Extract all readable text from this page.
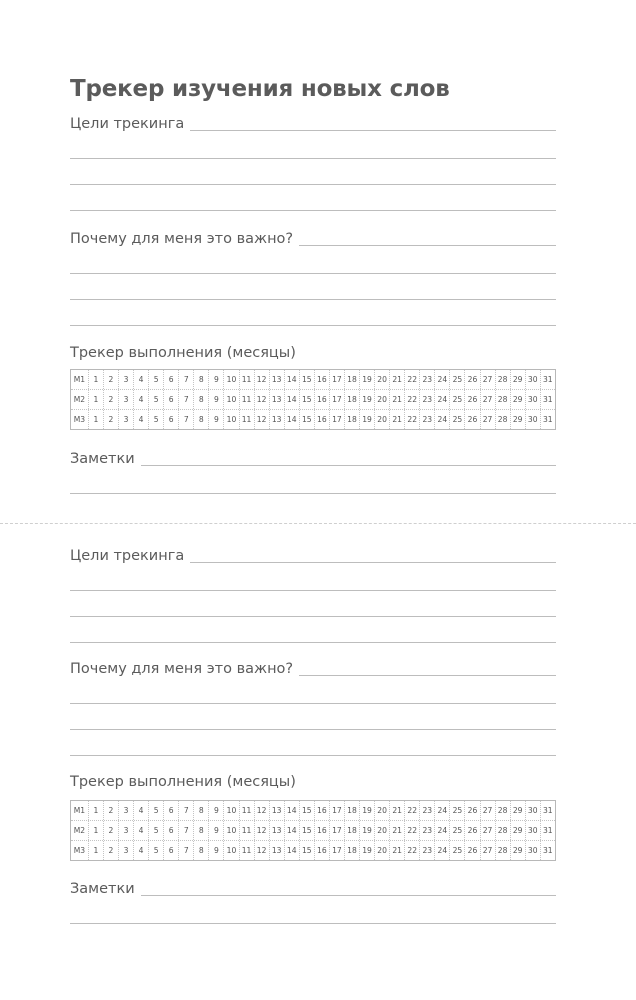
Трекер изучения новых слов
Цели трекинга
Почему для меня это важно?
Трекер выполнения (месяцы)
М1	1	2	3	4	5	6	7	8	9	10 11 12 13 14 15 16 17 18 19 20 21 22 23 24 25 26 27 28 29 30 31
М2	1	2	3	4	5	6	7	8	9	10 11 12 13 14 15 16 17 18 19 20 21 22 23 24 25 26 27 28 29 30 31
М3	1	2	3	4	5	6	7	8	9	10 11 12 13 14 15 16 17 18 19 20 21 22 23 24 25 26 27 28 29 30 31
Заметки
Цели трекинга
Почему для меня это важно?
Трекер выполнения (месяцы)
М1	1	2	3	4	5	6	7	8	9	10 11 12 13 14 15 16 17 18 19 20 21 22 23 24 25 26 27 28 29 30 31
М2	1	2	3	4	5	6	7	8	9	10 11 12 13 14 15 16 17 18 19 20 21 22 23 24 25 26 27 28 29 30 31
М3	1	2	3	4	5	6	7	8	9	10 11 12 13 14 15 16 17 18 19 20 21 22 23 24 25 26 27 28 29 30 31
Заметки
